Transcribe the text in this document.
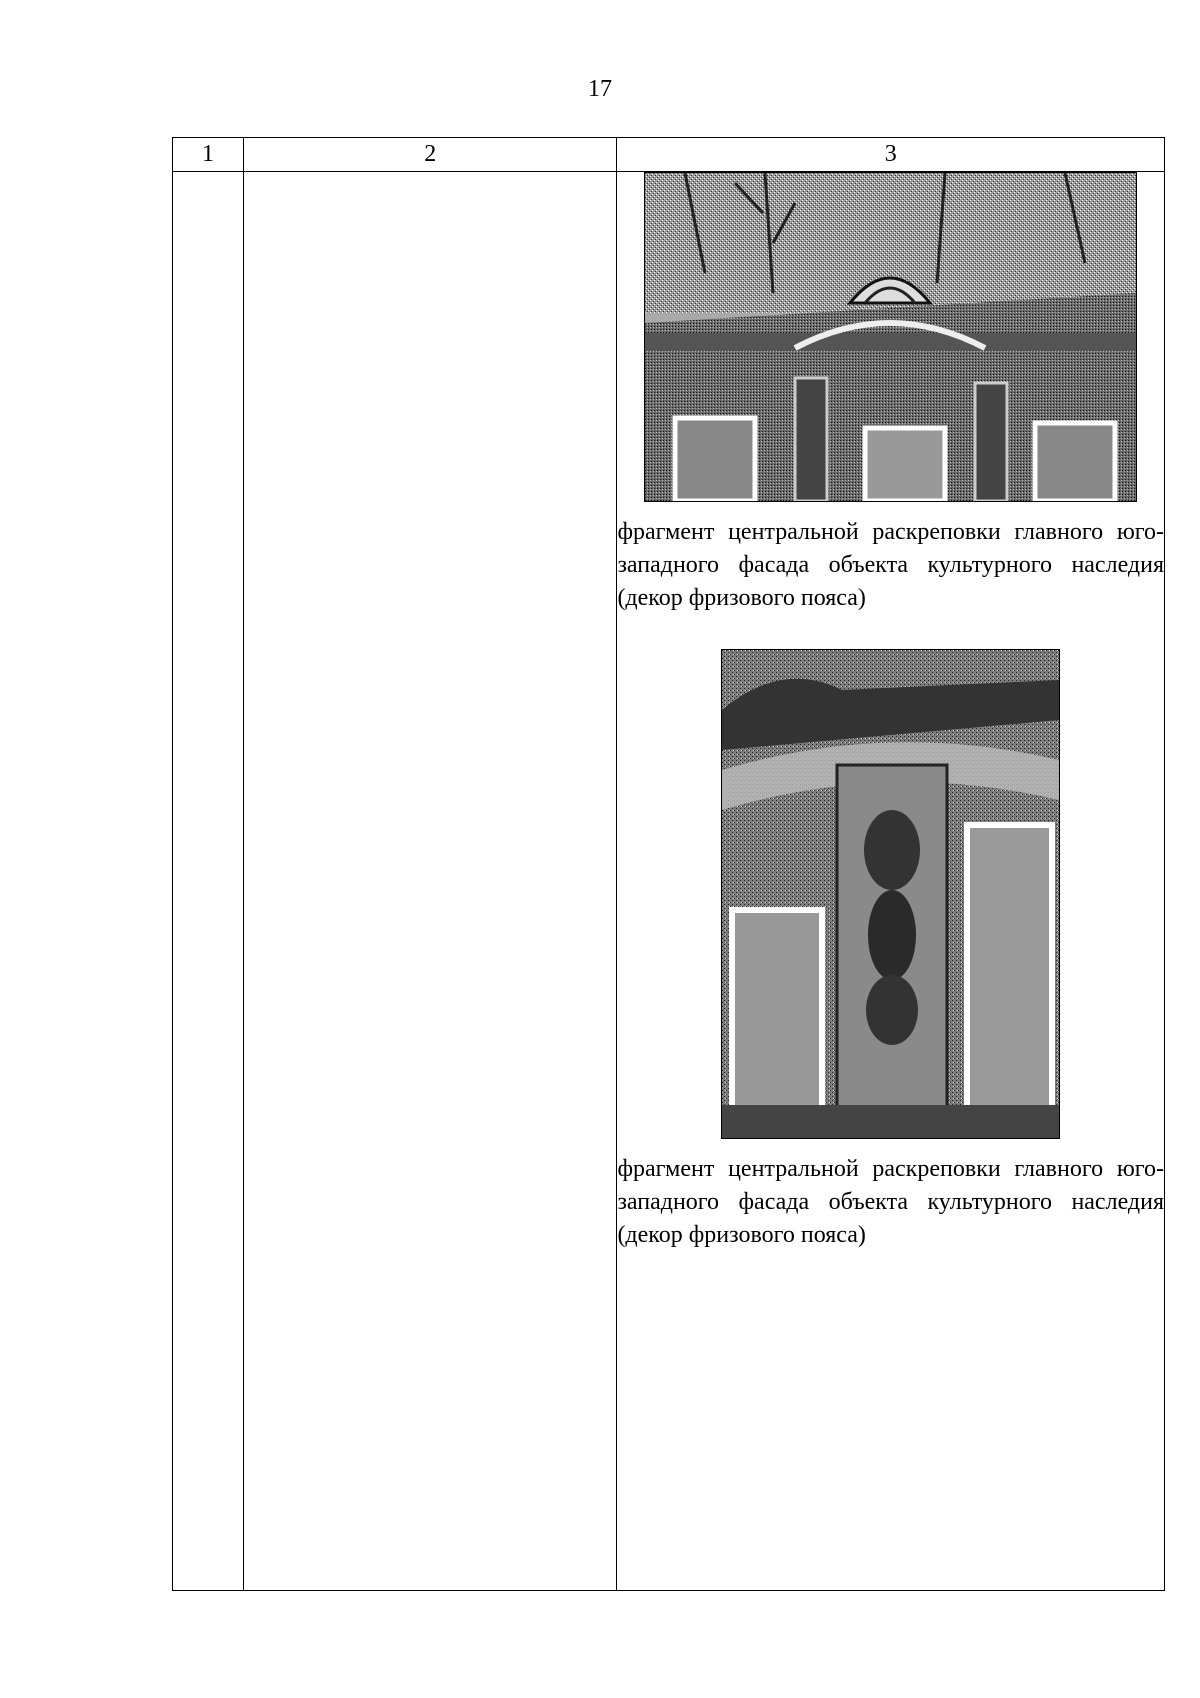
17
1	2	3

		фрагмент центральной раскреповки главного юго-западного фасада объекта культурного наследия (декор фризового пояса)
фрагмент центральной раскреповки главного юго-западного фасада объекта культурного наследия (декор фризового пояса)
